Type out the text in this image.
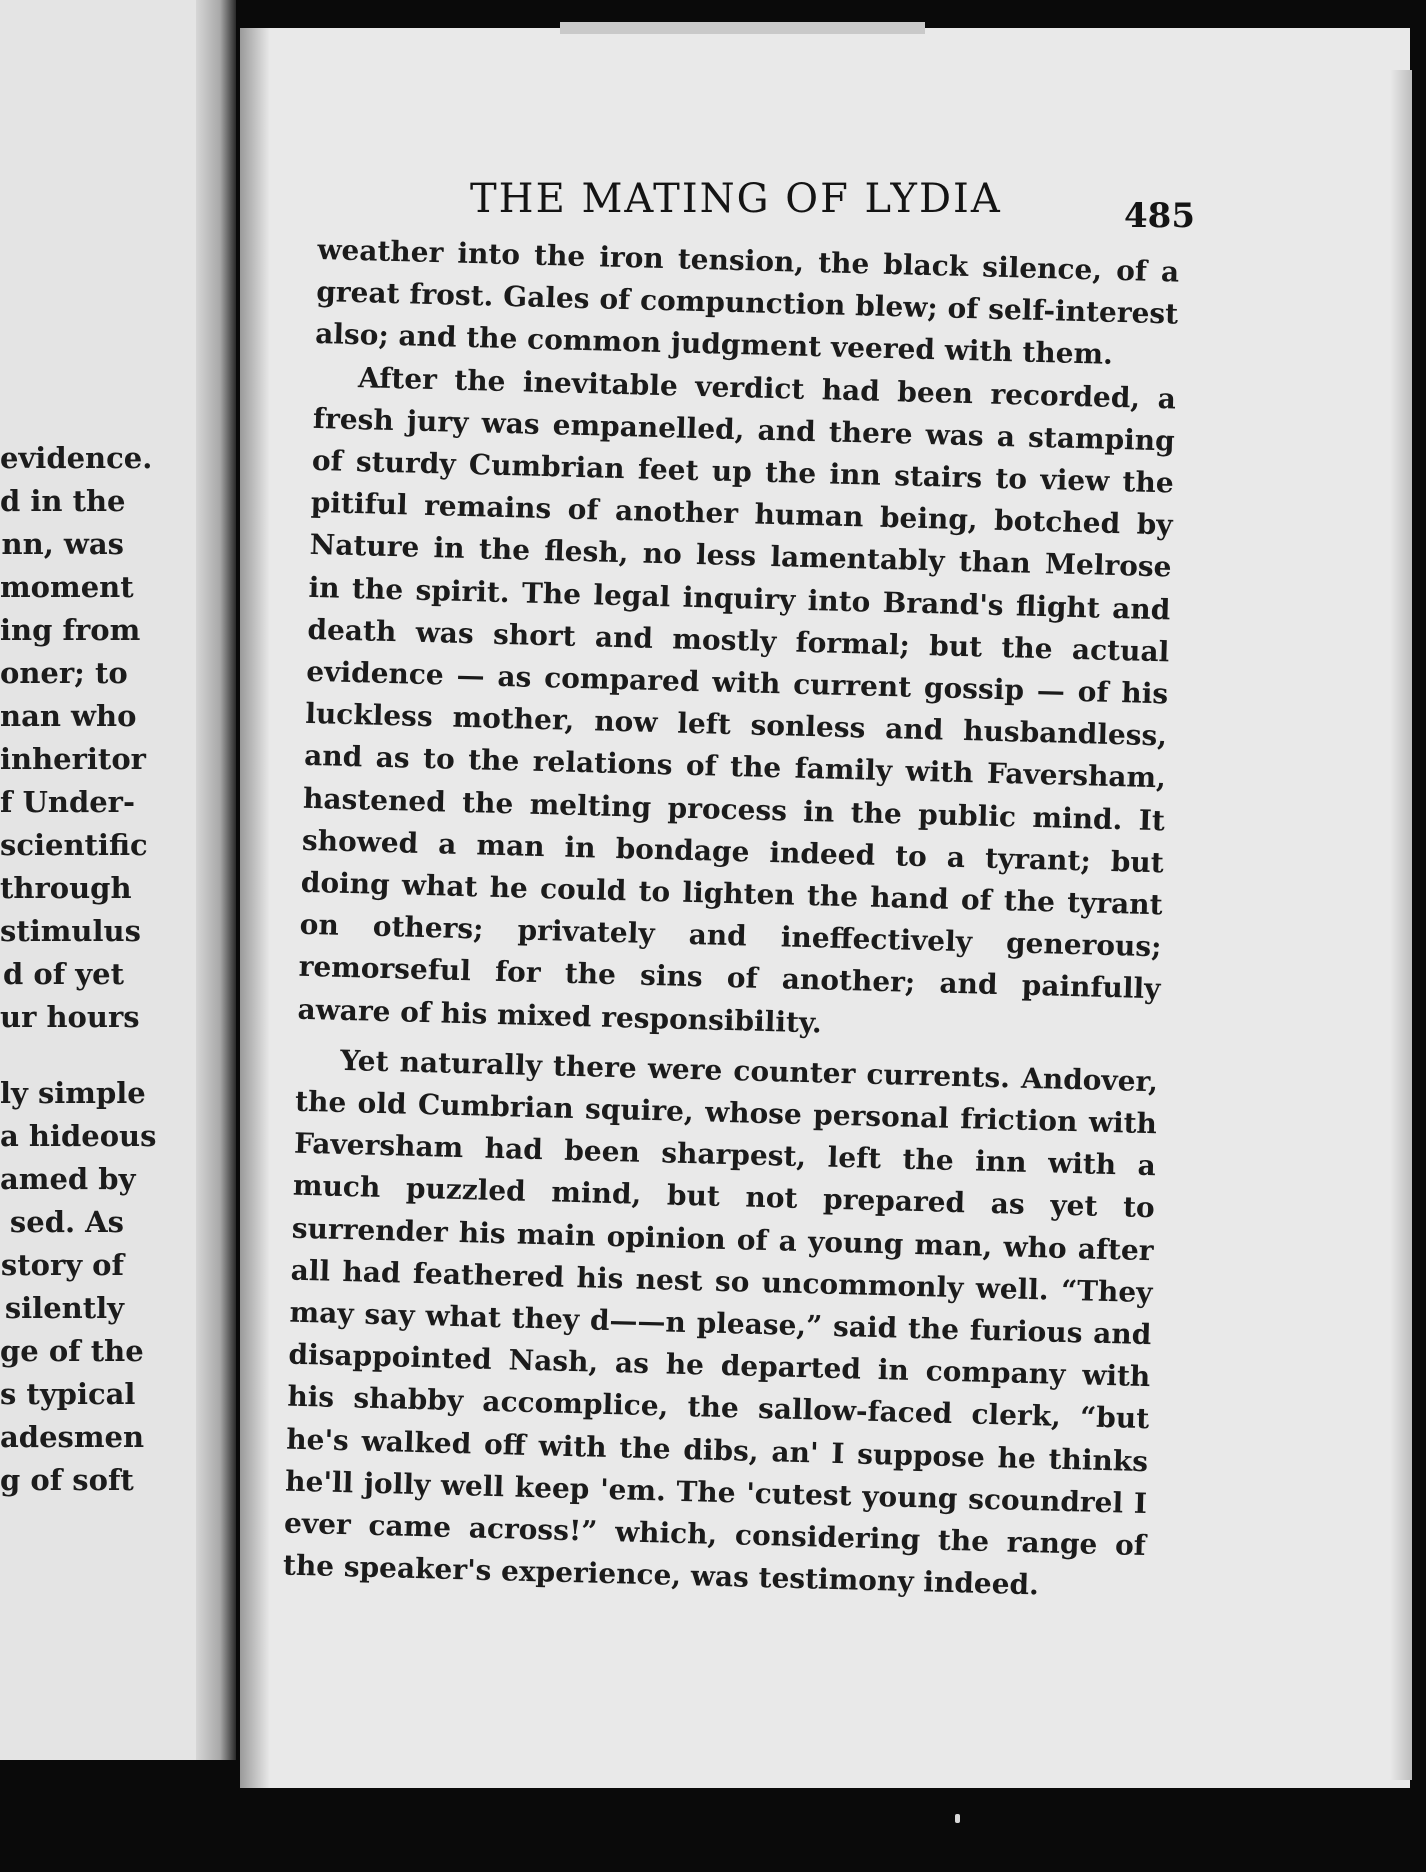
evidence.
d in the
nn, was
moment
ing from
oner; to
nan who
inheritor
f Under-
scientific
through
stimulus
d of yet
ur hours
ly simple
a hideous
amed by
sed. As
story of
silently
ge of the
s typical
adesmen
g of soft
THE MATING OF LYDIA	485

weather into the iron tension, the black silence, of a great frost. Gales of compunction blew; of self-interest also; and the common judgment veered with them.

After the inevitable verdict had been recorded, a fresh jury was empanelled, and there was a stamping of sturdy Cumbrian feet up the inn stairs to view the pitiful remains of another human being, botched by Nature in the flesh, no less lamentably than Melrose in the spirit. The legal inquiry into Brand's flight and death was short and mostly formal; but the actual evidence — as compared with current gossip — of his luckless mother, now left sonless and husbandless, and as to the relations of the family with Faversham, hastened the melting process in the public mind. It showed a man in bondage indeed to a tyrant; but doing what he could to lighten the hand of the tyrant on others; privately and ineffectively generous; remorseful for the sins of another; and painfully aware of his mixed responsibility.

Yet naturally there were counter currents. Andover, the old Cumbrian squire, whose personal friction with Faversham had been sharpest, left the inn with a much puzzled mind, but not prepared as yet to surrender his main opinion of a young man, who after all had feathered his nest so uncommonly well. “They may say what they d——n please,” said the furious and disappointed Nash, as he departed in company with his shabby accomplice, the sallow-faced clerk, “but he's walked off with the dibs, an' I suppose he thinks he'll jolly well keep 'em. The 'cutest young scoundrel I ever came across!” which, considering the range of the speaker's experience, was testimony indeed.
